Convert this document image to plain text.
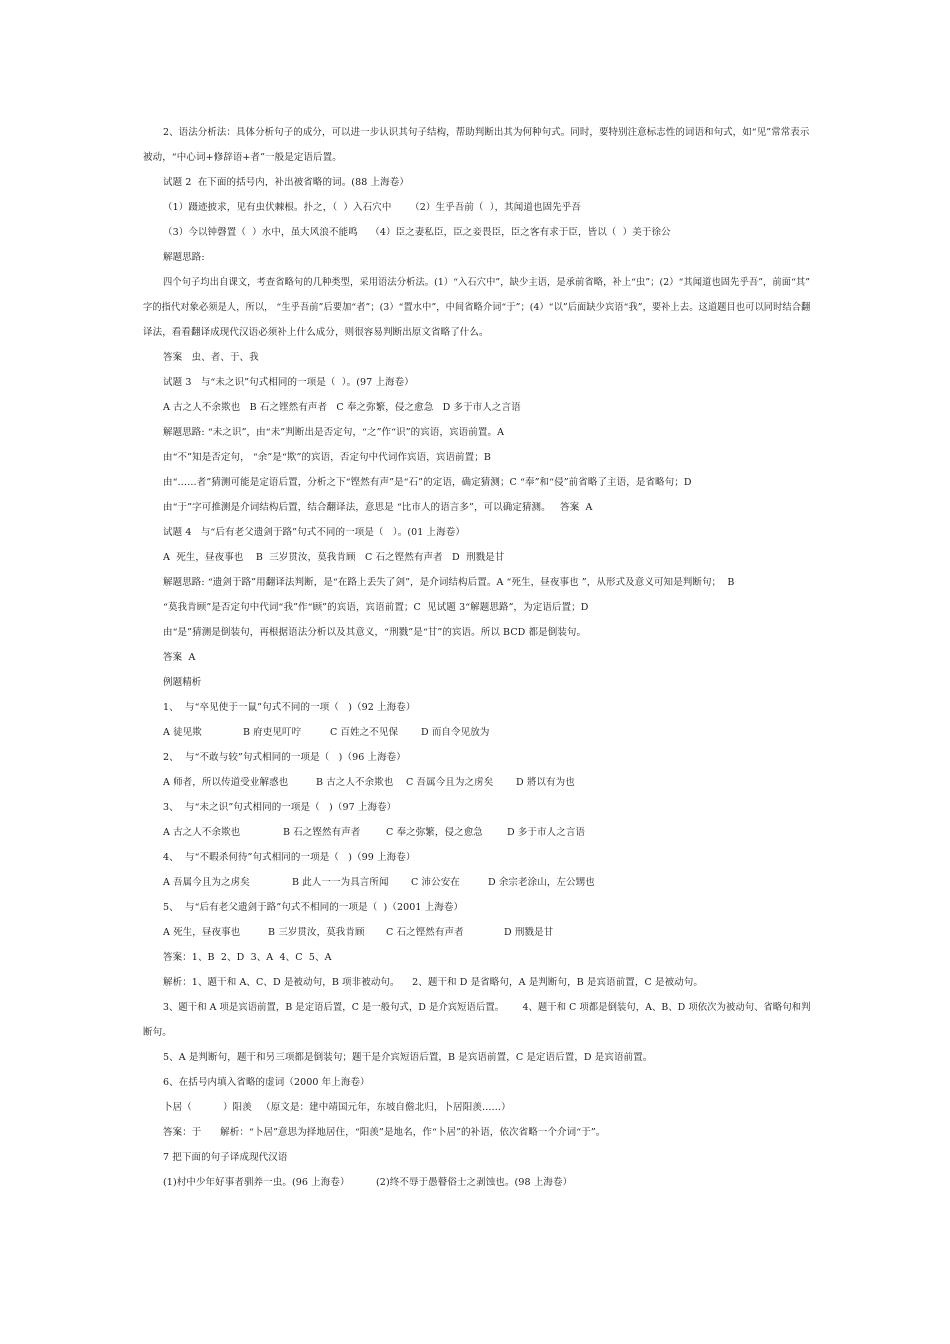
2、语法分析法：具体分析句子的成分，可以进一步认识其句子结构，帮助判断出其为何种句式。同时，要特别注意标志性的词语和句式，如“见”常常表示
被动，“中心词+修辞语+者”一般是定语后置。
试题 2  在下面的括号内，补出被省略的词。(88 上海卷）
（1）蹑迹披求，见有虫伏棘根。扑之，（  ）入石穴中      （2）生乎吾前（  ），其闻道也固先乎吾
（3）今以钟磬置（  ）水中，虽大风浪不能鸣    （4）臣之妻私臣，臣之妾畏臣，臣之客有求于臣，皆以（  ）美于徐公
解题思路:
四个句子均出自课文，考查省略句的几种类型，采用语法分析法。(1）“入石穴中”，缺少主语，是承前省略，补上“虫”；(2）“其闻道也固先乎吾”，前面“其”
字的指代对象必须是人，所以， “生乎吾前”后要加“者”；(3）“置水中”，中间省略介词“于”；(4）“以”后面缺少宾语“我”，要补上去。这道题目也可以同时结合翻
译法，看看翻译成现代汉语必须补上什么成分，则很容易判断出原文省略了什么。
答案   虫、者、于、我
试题 3   与“未之识”句式相同的一项是（  ）。(97 上海卷）
A 古之人不余欺也   B 石之铿然有声者   C 奉之弥繁，侵之愈急   D 多于市人之言语
解题思路: “未之识”，由“未”判断出是否定句，“之”作“识”的宾语，宾语前置。A
由“不”知是否定句， “余”是“欺”的宾语，否定句中代词作宾语，宾语前置；B
由“……者”猜测可能是定语后置，分析之下“铿然有声”是“石”的定语，确定猜测；C “奉”和“侵”前省略了主语，是省略句；D
由“于”字可推测是介词结构后置，结合翻译法，意思是 “比市人的语言多”，可以确定猜测。   答案  A
试题 4   与“后有老父遗剑于路”句式不同的一项是（   ）。(01 上海卷）
A  死生，昼夜事也    B  三岁贯汝，莫我肯顾   C 石之铿然有声者   D  刑戮是甘
解题思路: “遗剑于路”用翻译法判断，是“在路上丢失了剑”，是介词结构后置。A “死生，昼夜事也 ”，从形式及意义可知是判断句；  B
“莫我肯顾”是否定句中代词“我”作“顾”的宾语，宾语前置；C  见试题 3“解题思路”，为定语后置；D
由“是”猜测是倒装句，再根据语法分析以及其意义，“刑戮”是“甘”的宾语。所以 BCD 都是倒装句。
答案  A
例题精析
1、  与“卒见使于一鼠”句式不同的一项（   )（92 上海卷）
A 徒见欺	B 府吏见叮咛	C 百姓之不见保 D 而自令见放为
2、  与“不敢与较”句式相同的一项是（   )（96 上海卷）
A 师者，所以传道受业解惑也	B 古之人不余欺也 C 吾属今且为之虏矣 D 將以有为也
3、  与“未之识”句式相同的一项是（   )（97 上海卷）
A 古之人不余欺也	B 石之铿然有声者	C 奉之弥繁，侵之愈急	D 多于市人之言语
4、  与“不暇杀何待”句式相同的一项是（   )（99 上海卷）
A 吾属今且为之虏矣	B 此人一一为具言所闻 C 沛公安在	D 余宗老涂山，左公甥也
5、  与“后有老父遗剑于路”句式不相同的一项是（  )（2001 上海卷）
A 死生，昼夜事也	B 三岁贯汝，莫我肯顾 C 石之铿然有声者	D 刑戮是甘
答案：1、B  2、D  3、A  4、C  5、A
解析：1、题干和 A、C、D 是被动句，B 项非被动句。    2、题干和 D 是省略句，A 是判断句，B 是宾语前置，C 是被动句。
3、题干和 A 项是宾语前置，B 是定语后置，C 是一般句式，D 是介宾短语后置。      4、题干和 C 项都是倒装句，A、B、D 项依次为被动句、省略句和判
断句。
5、A 是判断句，题干和另三项都是倒装句；题干是介宾短语后置，B 是宾语前置，C 是定语后置，D 是宾语前置。
6、在括号内填入省略的虚词（2000 年上海卷）
卜居（          ）阳羡   （原文是：建中靖国元年，东坡自儋北归，卜居阳羡……）
答案：于      解析：“卜居”意思为择地居住，“阳羡”是地名，作“卜居”的补语，依次省略一个介词“于”。
7 把下面的句子译成现代汉语
(1)村中少年好事者驯养一虫。(96 上海卷）	(2)终不辱于愚瞽俗士之剥蚀也。(98 上海卷）
